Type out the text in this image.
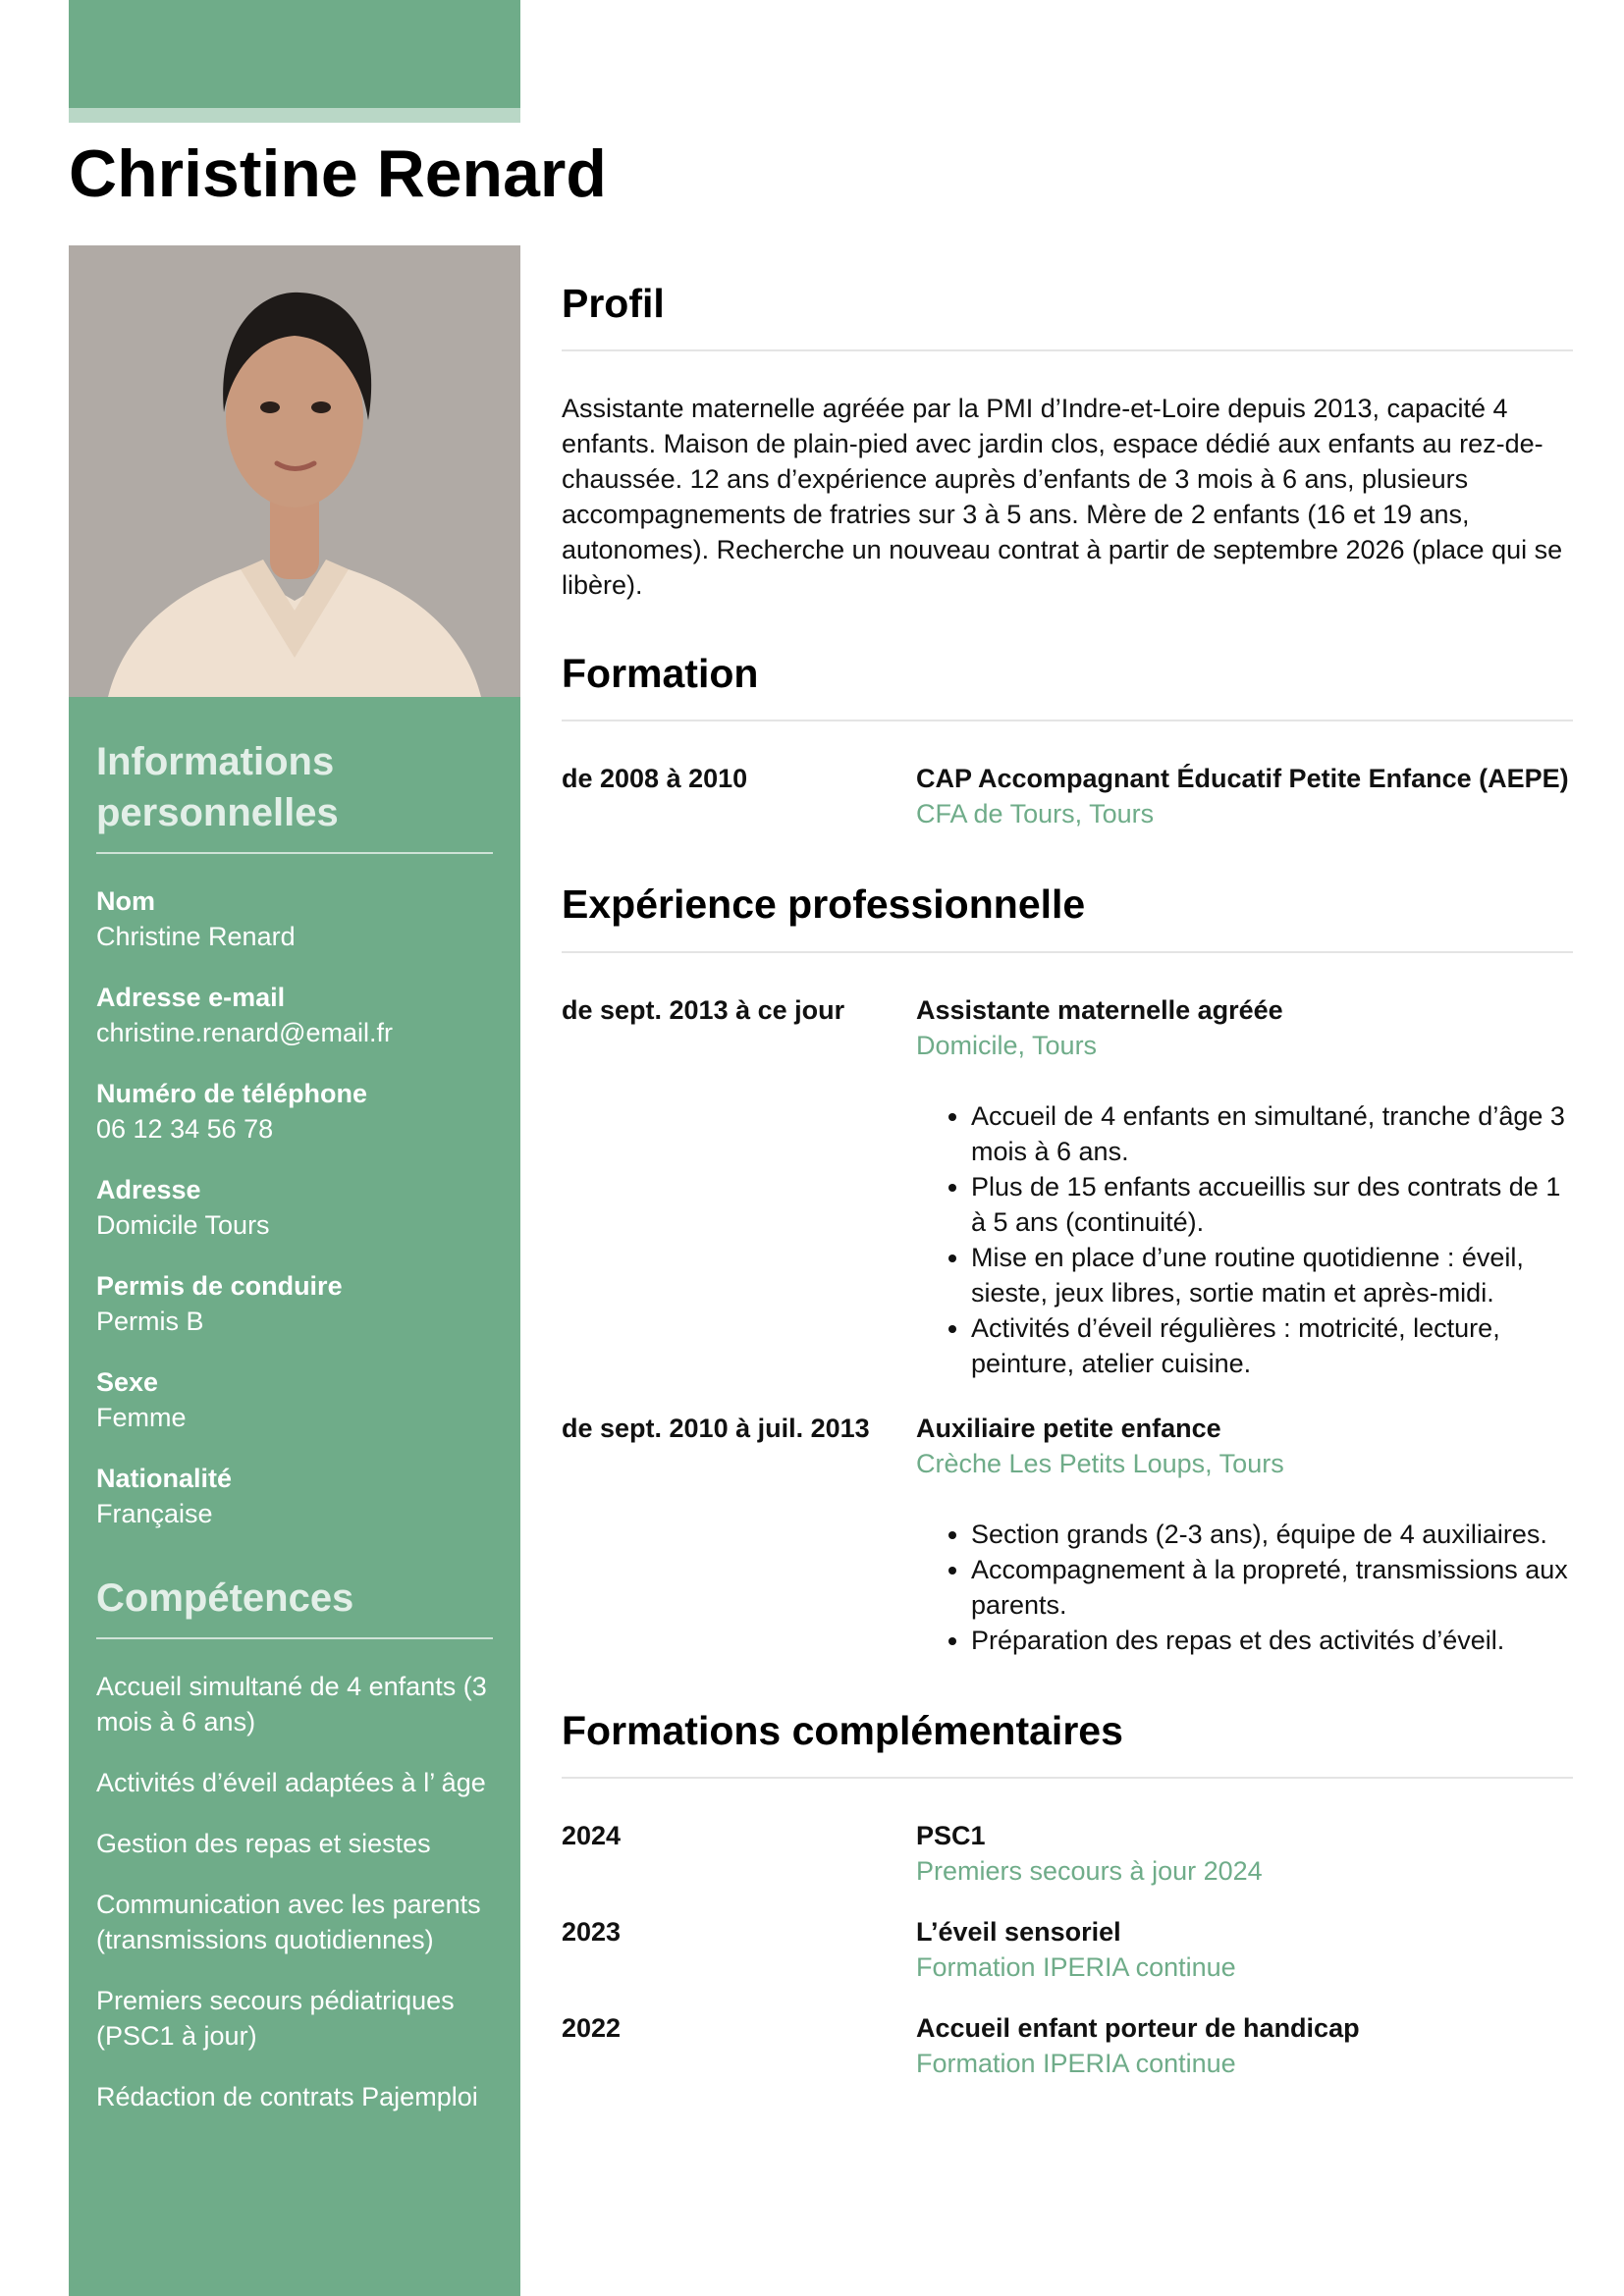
Christine Renard
Informations personnelles
Nom
Christine Renard
Adresse e-mail
christine.renard@email.fr
Numéro de téléphone
06 12 34 56 78
Adresse
Domicile Tours
Permis de conduire
Permis B
Sexe
Femme
Nationalité
Française
Compétences
Accueil simultané de 4 enfants (3 mois à 6 ans)
Activités d’éveil adaptées à l’ âge
Gestion des repas et siestes
Communication avec les parents (transmissions quotidiennes)
Premiers secours pédiatriques (PSC1 à jour)
Rédaction de contrats Pajemploi
Profil

Assistante maternelle agréée par la PMI d’Indre-et-Loire depuis 2013, capacité 4 enfants. Maison de plain-pied avec jardin clos, espace dédié aux enfants au rez-de-chaussée. 12 ans d’expérience auprès d’enfants de 3 mois à 6 ans, plusieurs accompagnements de fratries sur 3 à 5 ans. Mère de 2 enfants (16 et 19 ans, autonomes). Recherche un nouveau contrat à partir de septembre 2026 (place qui se libère).

Formation
de 2008 à 2010	CAP Accompagnant Éducatif Petite Enfance (AEPE)
CFA de Tours, Tours
Expérience professionnelle
de sept. 2013 à ce jour	Assistante maternelle agréée
Domicile, Tours
• Accueil de 4 enfants en simultané, tranche d’âge 3 mois à 6 ans.
• Plus de 15 enfants accueillis sur des contrats de 1 à 5 ans (continuité).
• Mise en place d’une routine quotidienne : éveil, sieste, jeux libres, sortie matin et après-midi.
• Activités d’éveil régulières : motricité, lecture, peinture, atelier cuisine.
de sept. 2010 à juil. 2013	Auxiliaire petite enfance
Crèche Les Petits Loups, Tours
• Section grands (2-3 ans), équipe de 4 auxiliaires.
• Accompagnement à la propreté, transmissions aux parents.
• Préparation des repas et des activités d’éveil.
Formations complémentaires
2024	PSC1
Premiers secours à jour 2024
2023	L’éveil sensoriel
Formation IPERIA continue
2022	Accueil enfant porteur de handicap
Formation IPERIA continue
